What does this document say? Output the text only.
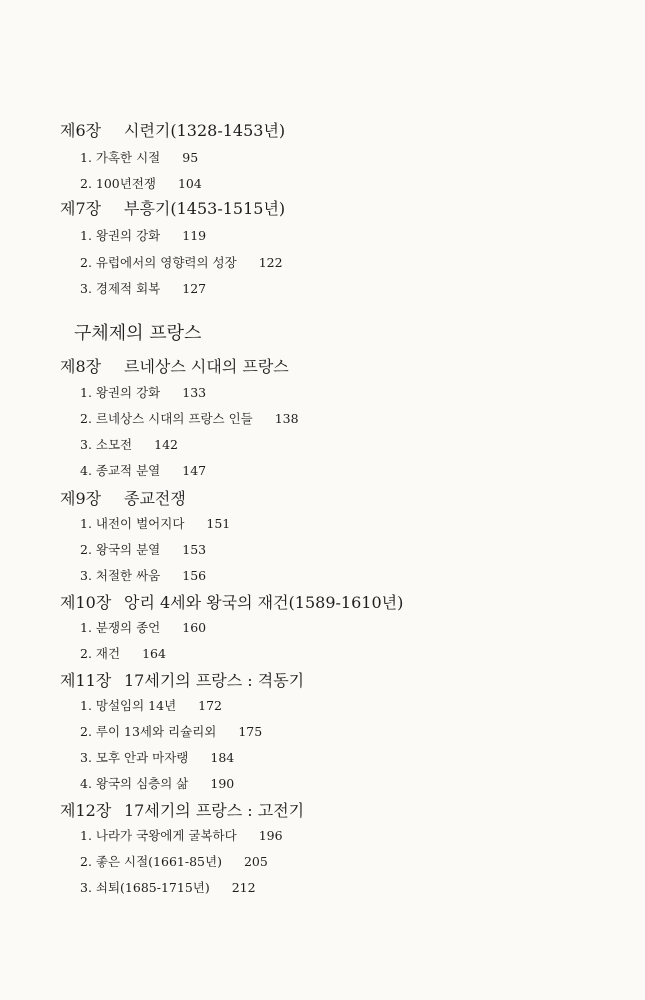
제6장 시련기(1328-1453년)
1. 가혹한 시절 95
2. 100년전쟁 104
제7장 부흥기(1453-1515년)
1. 왕권의 강화 119
2. 유럽에서의 영향력의 성장 122
3. 경제적 회복 127
구체제의 프랑스
제8장 르네상스 시대의 프랑스
1. 왕권의 강화 133
2. 르네상스 시대의 프랑스 인들 138
3. 소모전 142
4. 종교적 분열 147
제9장 종교전쟁
1. 내전이 벌어지다 151
2. 왕국의 분열 153
3. 처절한 싸움 156
제10장 앙리 4세와 왕국의 재건(1589-1610년)
1. 분쟁의 종언 160
2. 재건 164
제11장 17세기의 프랑스 : 격동기
1. 망설임의 14년 172
2. 루이 13세와 리슐리외 175
3. 모후 안과 마자랭 184
4. 왕국의 심층의 삶 190
제12장 17세기의 프랑스 : 고전기
1. 나라가 국왕에게 굴복하다 196
2. 좋은 시절(1661-85년) 205
3. 쇠퇴(1685-1715년) 212
